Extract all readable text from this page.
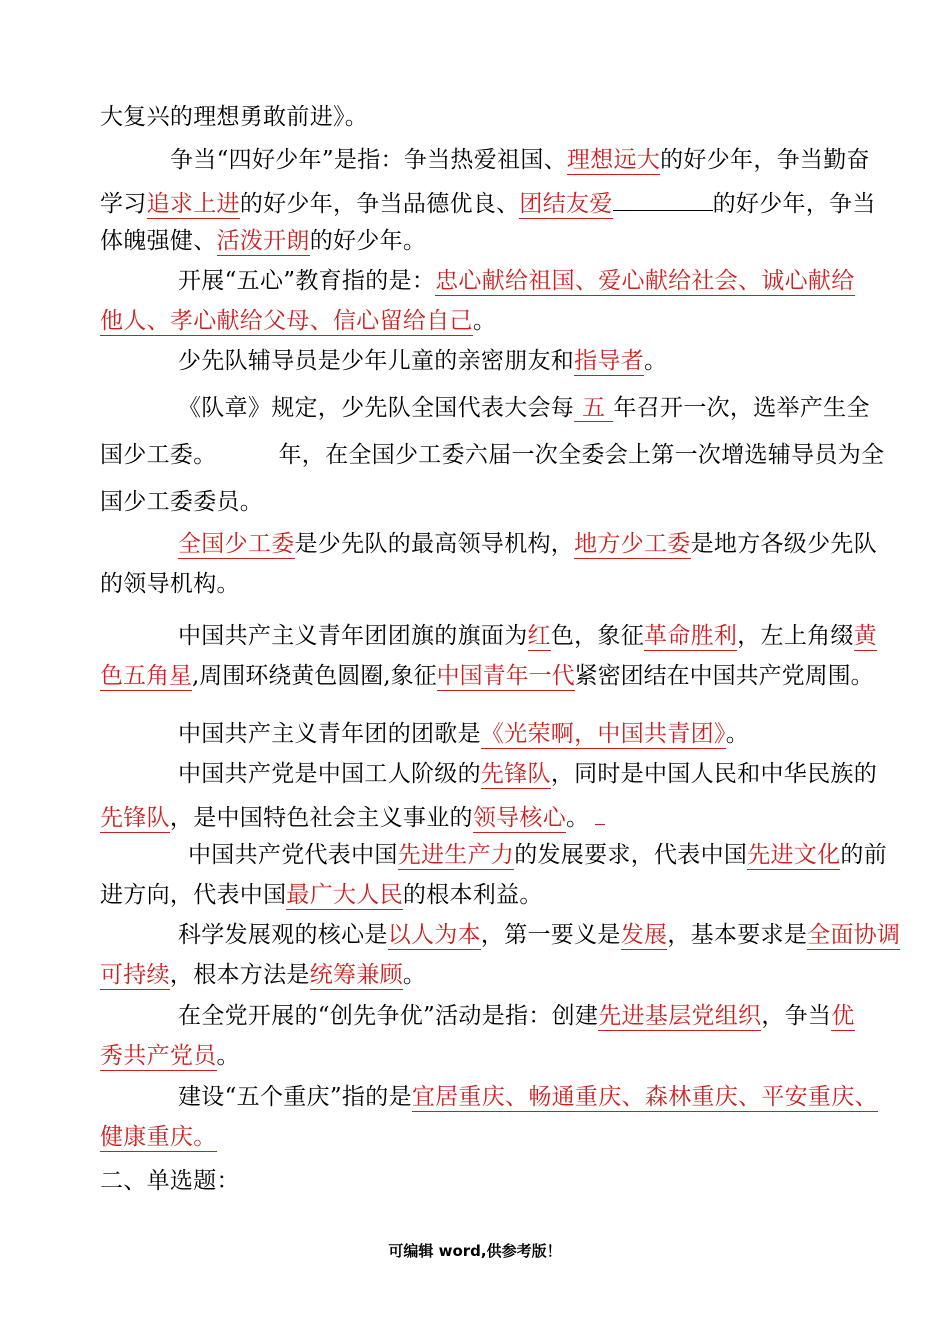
大复兴的理想勇敢前进》。
争当“四好少年”是指：争当热爱祖国、理想远大的好少年，争当勤奋
学习追求上进的好少年，争当品德优良、团结友爱	的好少年，争当
体魄强健、活泼开朗的好少年。
开展“五心”教育指的是：忠心献给祖国、爱心献给社会、诚心献给
他人、孝心献给父母、信心留给自己。
少先队辅导员是少年儿童的亲密朋友和指导者。
《队章》规定，少先队全国代表大会每 五 年召开一次，选举产生全
国少工委。	年，在全国少工委六届一次全委会上第一次增选辅导员为全
国少工委委员。
全国少工委是少先队的最高领导机构，地方少工委是地方各级少先队
的领导机构。
中国共产主义青年团团旗的旗面为红色，象征革命胜利，左上角缀黄
色五角星,周围环绕黄色圆圈,象征中国青年一代紧密团结在中国共产党周围。
中国共产主义青年团的团歌是《光荣啊，中国共青团》。
中国共产党是中国工人阶级的先锋队，同时是中国人民和中华民族的
先锋队，是中国特色社会主义事业的领导核心。
中国共产党代表中国先进生产力的发展要求，代表中国先进文化的前
进方向，代表中国最广大人民的根本利益。
科学发展观的核心是以人为本，第一要义是发展，基本要求是全面协调
可持续，根本方法是统筹兼顾。
在全党开展的“创先争优”活动是指：创建先进基层党组织，争当优
秀共产党员。
建设“五个重庆”指的是宜居重庆、畅通重庆、森林重庆、平安重庆、
健康重庆。
二、单选题：
可编辑 word,供参考版！
